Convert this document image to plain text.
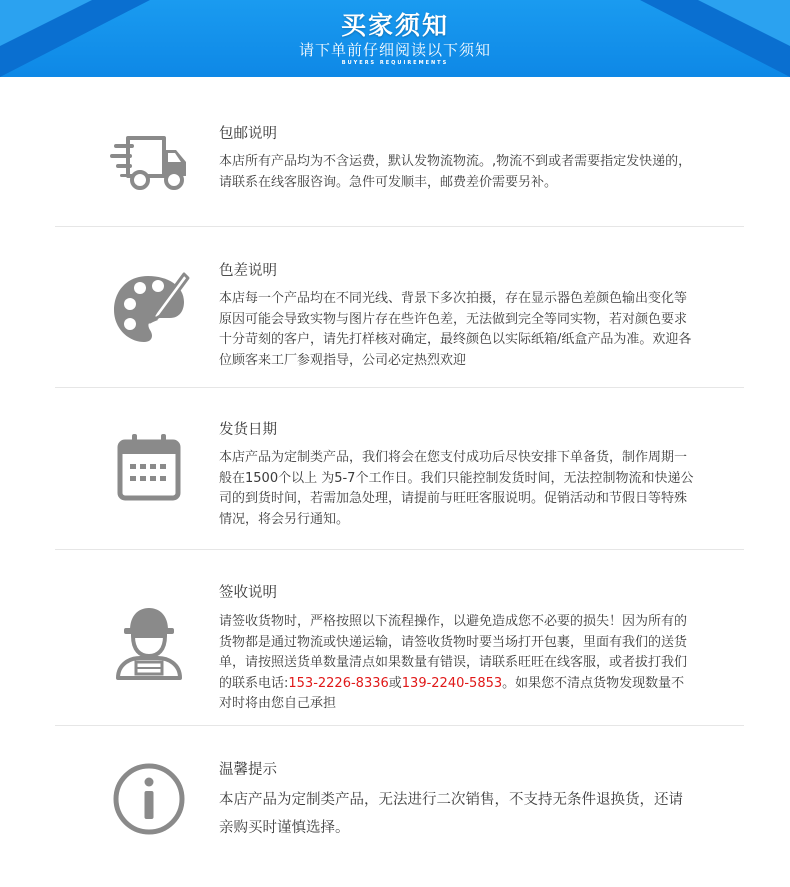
买家须知
请下单前仔细阅读以下须知
BUYERS REQUIREMENTS
包邮说明
本店所有产品均为不含运费，默认发物流物流。,物流不到或者需要指定发快递的，请联系在线客服咨询。急件可发顺丰，邮费差价需要另补。
色差说明
本店每一个产品均在不同光线、背景下多次拍摄，存在显示器色差颜色输出变化等原因可能会导致实物与图片存在些许色差，无法做到完全等同实物，若对颜色要求十分苛刻的客户，请先打样核对确定，最终颜色以实际纸箱/纸盒产品为准。欢迎各位顾客来工厂参观指导，公司必定热烈欢迎
发货日期
本店产品为定制类产品，我们将会在您支付成功后尽快安排下单备货，制作周期一般在1500个以上 为5-7个工作日。我们只能控制发货时间，无法控制物流和快递公司的到货时间，若需加急处理，请提前与旺旺客服说明。促销活动和节假日等特殊情况，将会另行通知。
签收说明
请签收货物时，严格按照以下流程操作，以避免造成您不必要的损失！因为所有的货物都是通过物流或快递运输，请签收货物时要当场打开包裹，里面有我们的送货单，请按照送货单数量清点如果数量有错误，请联系旺旺在线客服，或者拔打我们的联系电话:153-2226-8336或139-2240-5853。如果您不清点货物发现数量不对时将由您自己承担
温馨提示
本店产品为定制类产品，无法进行二次销售，不支持无条件退换货，还请亲购买时谨慎选择。
